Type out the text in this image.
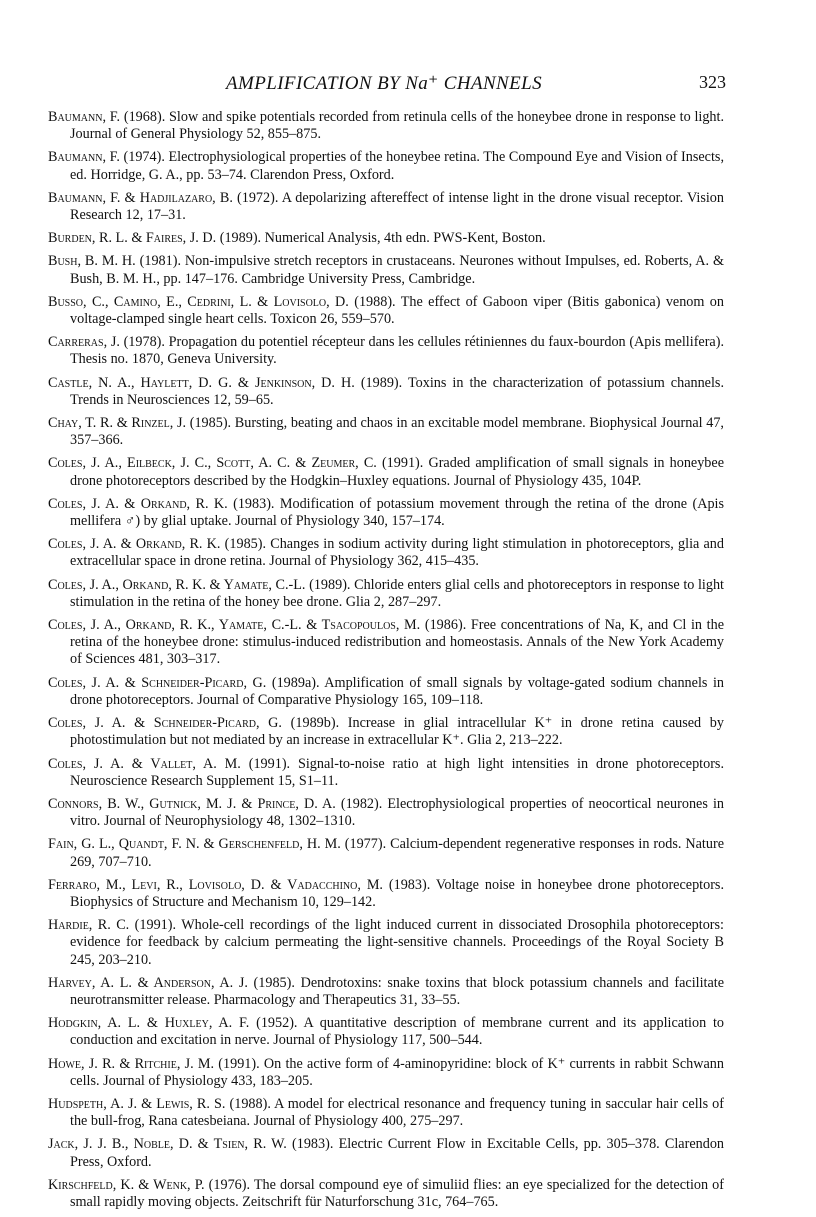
AMPLIFICATION BY Na⁺ CHANNELS	323

Baumann, F. (1968). Slow and spike potentials recorded from retinula cells of the honeybee drone in response to light. Journal of General Physiology 52, 855–875.

Baumann, F. (1974). Electrophysiological properties of the honeybee retina. The Compound Eye and Vision of Insects, ed. Horridge, G. A., pp. 53–74. Clarendon Press, Oxford.

Baumann, F. & Hadjilazaro, B. (1972). A depolarizing aftereffect of intense light in the drone visual receptor. Vision Research 12, 17–31.

Burden, R. L. & Faires, J. D. (1989). Numerical Analysis, 4th edn. PWS-Kent, Boston.

Bush, B. M. H. (1981). Non-impulsive stretch receptors in crustaceans. Neurones without Impulses, ed. Roberts, A. & Bush, B. M. H., pp. 147–176. Cambridge University Press, Cambridge.

Busso, C., Camino, E., Cedrini, L. & Lovisolo, D. (1988). The effect of Gaboon viper (Bitis gabonica) venom on voltage-clamped single heart cells. Toxicon 26, 559–570.

Carreras, J. (1978). Propagation du potentiel récepteur dans les cellules rétiniennes du faux-bourdon (Apis mellifera). Thesis no. 1870, Geneva University.

Castle, N. A., Haylett, D. G. & Jenkinson, D. H. (1989). Toxins in the characterization of potassium channels. Trends in Neurosciences 12, 59–65.

Chay, T. R. & Rinzel, J. (1985). Bursting, beating and chaos in an excitable model membrane. Biophysical Journal 47, 357–366.

Coles, J. A., Eilbeck, J. C., Scott, A. C. & Zeumer, C. (1991). Graded amplification of small signals in honeybee drone photoreceptors described by the Hodgkin–Huxley equations. Journal of Physiology 435, 104P.

Coles, J. A. & Orkand, R. K. (1983). Modification of potassium movement through the retina of the drone (Apis mellifera ♂) by glial uptake. Journal of Physiology 340, 157–174.

Coles, J. A. & Orkand, R. K. (1985). Changes in sodium activity during light stimulation in photoreceptors, glia and extracellular space in drone retina. Journal of Physiology 362, 415–435.

Coles, J. A., Orkand, R. K. & Yamate, C.-L. (1989). Chloride enters glial cells and photoreceptors in response to light stimulation in the retina of the honey bee drone. Glia 2, 287–297.

Coles, J. A., Orkand, R. K., Yamate, C.-L. & Tsacopoulos, M. (1986). Free concentrations of Na, K, and Cl in the retina of the honeybee drone: stimulus-induced redistribution and homeostasis. Annals of the New York Academy of Sciences 481, 303–317.

Coles, J. A. & Schneider-Picard, G. (1989a). Amplification of small signals by voltage-gated sodium channels in drone photoreceptors. Journal of Comparative Physiology 165, 109–118.

Coles, J. A. & Schneider-Picard, G. (1989b). Increase in glial intracellular K⁺ in drone retina caused by photostimulation but not mediated by an increase in extracellular K⁺. Glia 2, 213–222.

Coles, J. A. & Vallet, A. M. (1991). Signal-to-noise ratio at high light intensities in drone photoreceptors. Neuroscience Research Supplement 15, S1–11.

Connors, B. W., Gutnick, M. J. & Prince, D. A. (1982). Electrophysiological properties of neocortical neurones in vitro. Journal of Neurophysiology 48, 1302–1310.

Fain, G. L., Quandt, F. N. & Gerschenfeld, H. M. (1977). Calcium-dependent regenerative responses in rods. Nature 269, 707–710.

Ferraro, M., Levi, R., Lovisolo, D. & Vadacchino, M. (1983). Voltage noise in honeybee drone photoreceptors. Biophysics of Structure and Mechanism 10, 129–142.

Hardie, R. C. (1991). Whole-cell recordings of the light induced current in dissociated Drosophila photoreceptors: evidence for feedback by calcium permeating the light-sensitive channels. Proceedings of the Royal Society B 245, 203–210.

Harvey, A. L. & Anderson, A. J. (1985). Dendrotoxins: snake toxins that block potassium channels and facilitate neurotransmitter release. Pharmacology and Therapeutics 31, 33–55.

Hodgkin, A. L. & Huxley, A. F. (1952). A quantitative description of membrane current and its application to conduction and excitation in nerve. Journal of Physiology 117, 500–544.

Howe, J. R. & Ritchie, J. M. (1991). On the active form of 4-aminopyridine: block of K⁺ currents in rabbit Schwann cells. Journal of Physiology 433, 183–205.

Hudspeth, A. J. & Lewis, R. S. (1988). A model for electrical resonance and frequency tuning in saccular hair cells of the bull-frog, Rana catesbeiana. Journal of Physiology 400, 275–297.

Jack, J. J. B., Noble, D. & Tsien, R. W. (1983). Electric Current Flow in Excitable Cells, pp. 305–378. Clarendon Press, Oxford.

Kirschfeld, K. & Wenk, P. (1976). The dorsal compound eye of simuliid flies: an eye specialized for the detection of small rapidly moving objects. Zeitschrift für Naturforschung 31c, 764–765.
